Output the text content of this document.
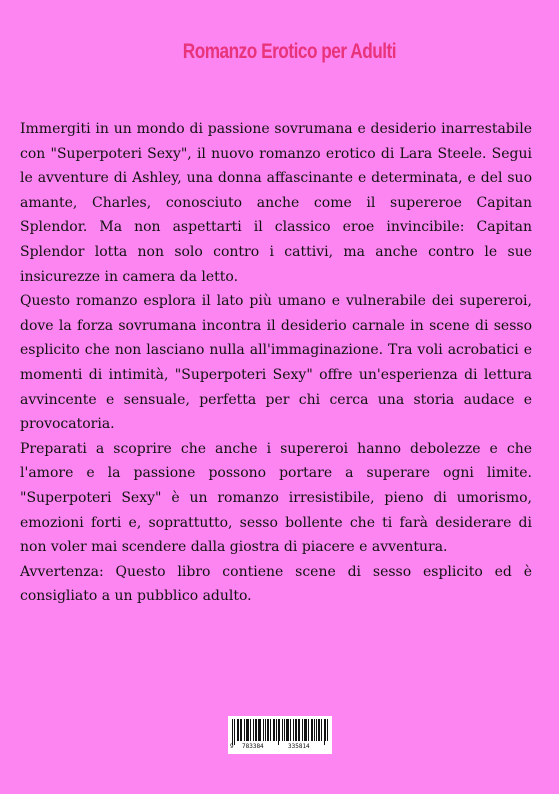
Romanzo Erotico per Adulti

Immergiti in un mondo di passione sovrumana e desiderio inarrestabile con "Superpoteri Sexy", il nuovo romanzo erotico di Lara Steele. Segui le avventure di Ashley, una donna affascinante e determinata, e del suo amante, Charles, conosciuto anche come il supereroe Capitan Splendor. Ma non aspettarti il classico eroe invincibile: Capitan Splendor lotta non solo contro i cattivi, ma anche contro le sue insicurezze in camera da letto.

Questo romanzo esplora il lato più umano e vulnerabile dei supereroi, dove la forza sovrumana incontra il desiderio carnale in scene di sesso esplicito che non lasciano nulla all'immaginazione. Tra voli acrobatici e momenti di intimità, "Superpoteri Sexy" offre un'esperienza di lettura avvincente e sensuale, perfetta per chi cerca una storia audace e provocatoria.

Preparati a scoprire che anche i supereroi hanno debolezze e che l'amore e la passione possono portare a superare ogni limite. "Superpoteri Sexy" è un romanzo irresistibile, pieno di umorismo, emozioni forti e, soprattutto, sesso bollente che ti farà desiderare di non voler mai scendere dalla giostra di piacere e avventura.

Avvertenza: Questo libro contiene scene di sesso esplicito ed è consigliato a un pubblico adulto.

9 783384	335814
